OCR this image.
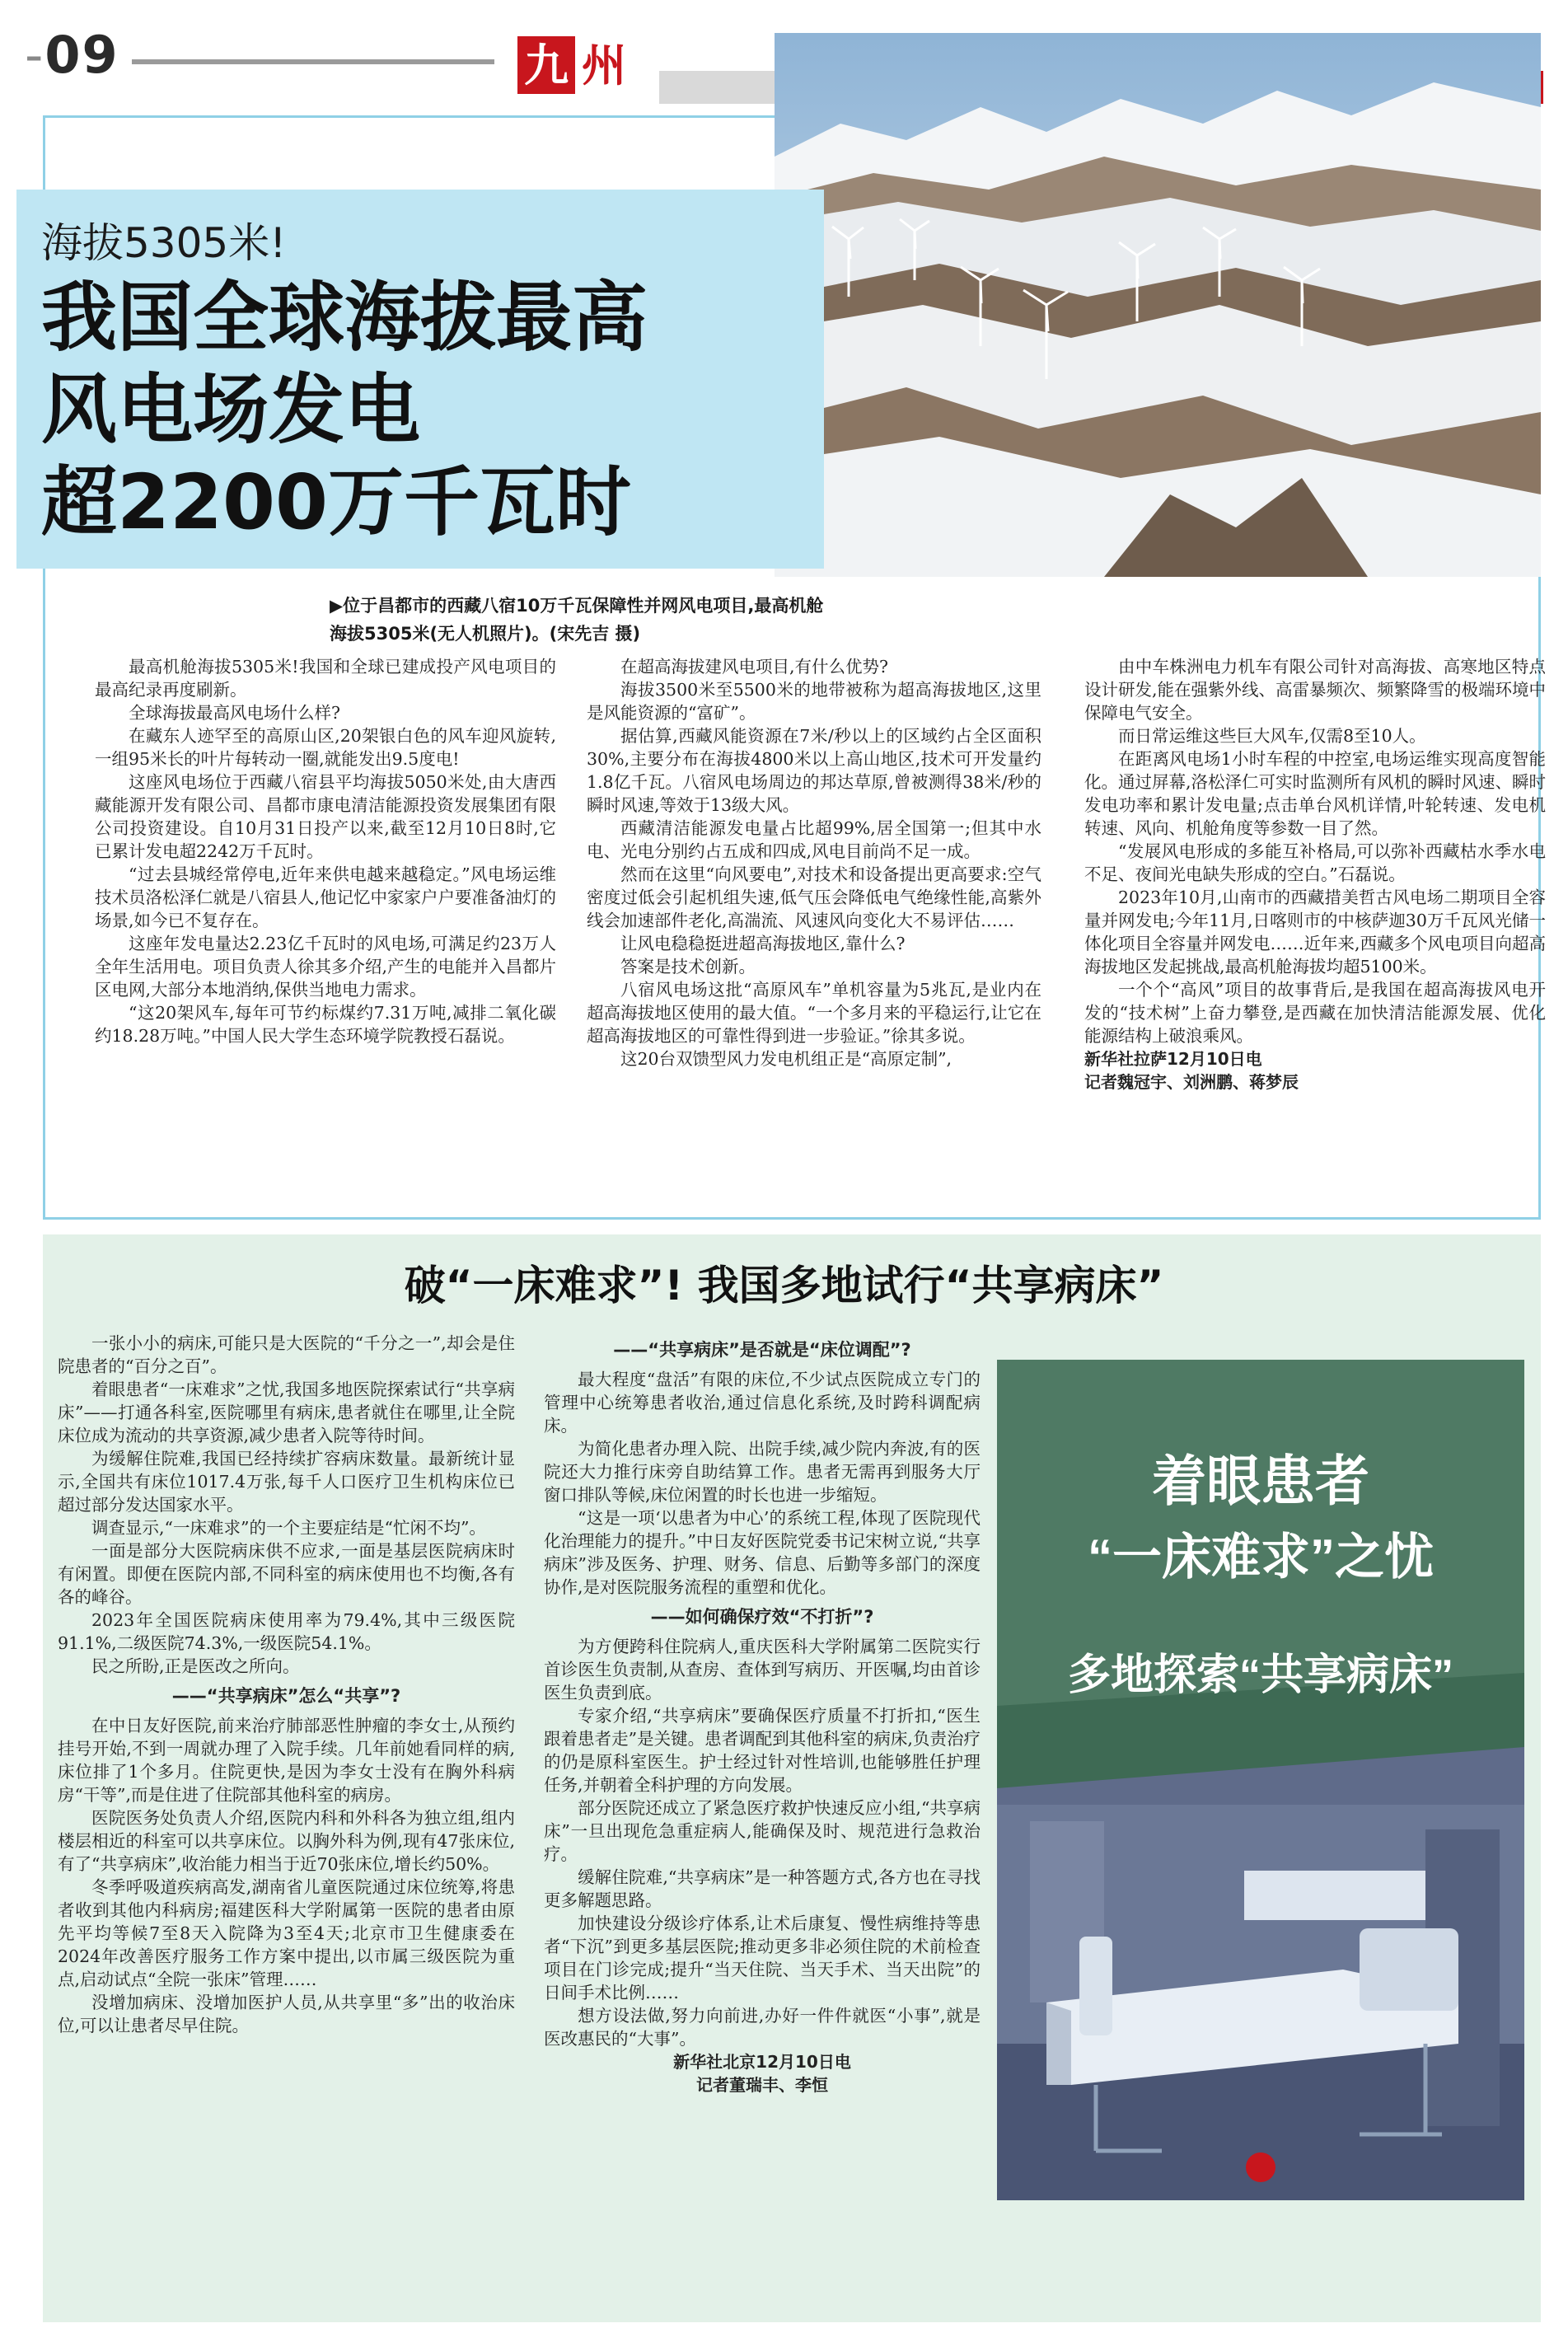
-09	九 州
海拔5305米!
我国全球海拔最高
风电场发电
超2200万千瓦时
▶位于昌都市的西藏八宿10万千瓦保障性并网风电项目,最高机舱海拔5305米(无人机照片)。(宋先吉 摄)

最高机舱海拔5305米!我国和全球已建成投产风电项目的最高纪录再度刷新。

全球海拔最高风电场什么样?

在藏东人迹罕至的高原山区,20架银白色的风车迎风旋转,一组95米长的叶片每转动一圈,就能发出9.5度电!

这座风电场位于西藏八宿县平均海拔5050米处,由大唐西藏能源开发有限公司、昌都市康电清洁能源投资发展集团有限公司投资建设。自10月31日投产以来,截至12月10日8时,它已累计发电超2242万千瓦时。

“过去县城经常停电,近年来供电越来越稳定。”风电场运维技术员洛松泽仁就是八宿县人,他记忆中家家户户要准备油灯的场景,如今已不复存在。

这座年发电量达2.23亿千瓦时的风电场,可满足约23万人全年生活用电。项目负责人徐其多介绍,产生的电能并入昌都片区电网,大部分本地消纳,保供当地电力需求。

“这20架风车,每年可节约标煤约7.31万吨,减排二氧化碳约18.28万吨。”中国人民大学生态环境学院教授石磊说。

在超高海拔建风电项目,有什么优势?

海拔3500米至5500米的地带被称为超高海拔地区,这里是风能资源的“富矿”。

据估算,西藏风能资源在7米/秒以上的区域约占全区面积30%,主要分布在海拔4800米以上高山地区,技术可开发量约1.8亿千瓦。八宿风电场周边的邦达草原,曾被测得38米/秒的瞬时风速,等效于13级大风。

西藏清洁能源发电量占比超99%,居全国第一;但其中水电、光电分别约占五成和四成,风电目前尚不足一成。

然而在这里“向风要电”,对技术和设备提出更高要求:空气密度过低会引起机组失速,低气压会降低电气绝缘性能,高紫外线会加速部件老化,高湍流、风速风向变化大不易评估……

让风电稳稳挺进超高海拔地区,靠什么?

答案是技术创新。

八宿风电场这批“高原风车”单机容量为5兆瓦,是业内在超高海拔地区使用的最大值。“一个多月来的平稳运行,让它在超高海拔地区的可靠性得到进一步验证。”徐其多说。

这20台双馈型风力发电机组正是“高原定制”,

由中车株洲电力机车有限公司针对高海拔、高寒地区特点设计研发,能在强紫外线、高雷暴频次、频繁降雪的极端环境中保障电气安全。

而日常运维这些巨大风车,仅需8至10人。

在距离风电场1小时车程的中控室,电场运维实现高度智能化。通过屏幕,洛松泽仁可实时监测所有风机的瞬时风速、瞬时发电功率和累计发电量;点击单台风机详情,叶轮转速、发电机转速、风向、机舱角度等参数一目了然。

“发展风电形成的多能互补格局,可以弥补西藏枯水季水电不足、夜间光电缺失形成的空白。”石磊说。

2023年10月,山南市的西藏措美哲古风电场二期项目全容量并网发电;今年11月,日喀则市的中核萨迦30万千瓦风光储一体化项目全容量并网发电……近年来,西藏多个风电项目向超高海拔地区发起挑战,最高机舱海拔均超5100米。

一个个“高风”项目的故事背后,是我国在超高海拔风电开发的“技术树”上奋力攀登,是西藏在加快清洁能源发展、优化能源结构上破浪乘风。

新华社拉萨12月10日电

记者魏冠宇、刘洲鹏、蒋梦辰

破“一床难求”! 我国多地试行“共享病床”

一张小小的病床,可能只是大医院的“千分之一”,却会是住院患者的“百分之百”。

着眼患者“一床难求”之忧,我国多地医院探索试行“共享病床”——打通各科室,医院哪里有病床,患者就住在哪里,让全院床位成为流动的共享资源,减少患者入院等待时间。

为缓解住院难,我国已经持续扩容病床数量。最新统计显示,全国共有床位1017.4万张,每千人口医疗卫生机构床位已超过部分发达国家水平。

调查显示,“一床难求”的一个主要症结是“忙闲不均”。

一面是部分大医院病床供不应求,一面是基层医院病床时有闲置。即便在医院内部,不同科室的病床使用也不均衡,各有各的峰谷。

2023年全国医院病床使用率为79.4%,其中三级医院91.1%,二级医院74.3%,一级医院54.1%。

民之所盼,正是医改之所向。

——“共享病床”怎么“共享”?

在中日友好医院,前来治疗肺部恶性肿瘤的李女士,从预约挂号开始,不到一周就办理了入院手续。几年前她看同样的病,床位排了1个多月。住院更快,是因为李女士没有在胸外科病房“干等”,而是住进了住院部其他科室的病房。

医院医务处负责人介绍,医院内科和外科各为独立组,组内楼层相近的科室可以共享床位。以胸外科为例,现有47张床位,有了“共享病床”,收治能力相当于近70张床位,增长约50%。

冬季呼吸道疾病高发,湖南省儿童医院通过床位统筹,将患者收到其他内科病房;福建医科大学附属第一医院的患者由原先平均等候7至8天入院降为3至4天;北京市卫生健康委在2024年改善医疗服务工作方案中提出,以市属三级医院为重点,启动试点“全院一张床”管理……

没增加病床、没增加医护人员,从共享里“多”出的收治床位,可以让患者尽早住院。

——“共享病床”是否就是“床位调配”?

最大程度“盘活”有限的床位,不少试点医院成立专门的管理中心统筹患者收治,通过信息化系统,及时跨科调配病床。

为简化患者办理入院、出院手续,减少院内奔波,有的医院还大力推行床旁自助结算工作。患者无需再到服务大厅窗口排队等候,床位闲置的时长也进一步缩短。

“这是一项‘以患者为中心’的系统工程,体现了医院现代化治理能力的提升。”中日友好医院党委书记宋树立说,“共享病床”涉及医务、护理、财务、信息、后勤等多部门的深度协作,是对医院服务流程的重塑和优化。

——如何确保疗效“不打折”?

为方便跨科住院病人,重庆医科大学附属第二医院实行首诊医生负责制,从查房、查体到写病历、开医嘱,均由首诊医生负责到底。

专家介绍,“共享病床”要确保医疗质量不打折扣,“医生跟着患者走”是关键。患者调配到其他科室的病床,负责治疗的仍是原科室医生。护士经过针对性培训,也能够胜任护理任务,并朝着全科护理的方向发展。

部分医院还成立了紧急医疗救护快速反应小组,“共享病床”一旦出现危急重症病人,能确保及时、规范进行急救治疗。

缓解住院难,“共享病床”是一种答题方式,各方也在寻找更多解题思路。

加快建设分级诊疗体系,让术后康复、慢性病维持等患者“下沉”到更多基层医院;推动更多非必须住院的术前检查项目在门诊完成;提升“当天住院、当天手术、当天出院”的日间手术比例……

想方设法做,努力向前进,办好一件件就医“小事”,就是医改惠民的“大事”。

新华社北京12月10日电

记者董瑞丰、李恒

着眼患者
“一床难求”之忧
多地探索“共享病床”
